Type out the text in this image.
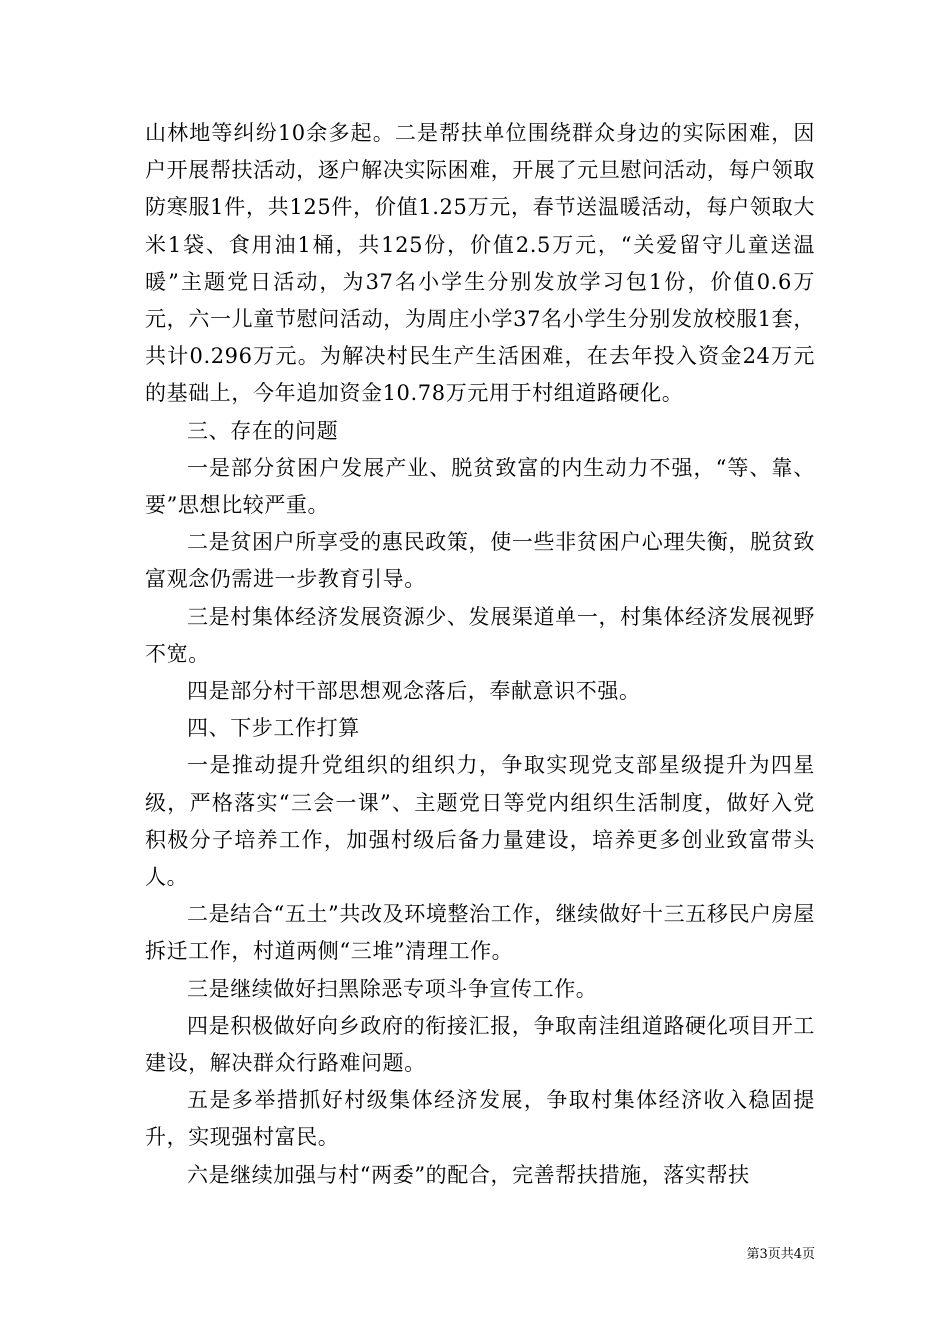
山林地等纠纷10余多起。二是帮扶单位围绕群众身边的实际困难，因户开展帮扶活动，逐户解决实际困难，开展了元旦慰问活动，每户领取防寒服1件，共125件，价值1.25万元，春节送温暖活动，每户领取大米1袋、食用油1桶，共125份，价值2.5万元，“关爱留守儿童送温暖”主题党日活动，为37名小学生分别发放学习包1份，价值0.6万元，六一儿童节慰问活动，为周庄小学37名小学生分别发放校服1套，共计0.296万元。为解决村民生产生活困难，在去年投入资金24万元的基础上，今年追加资金10.78万元用于村组道路硬化。

三、存在的问题

一是部分贫困户发展产业、脱贫致富的内生动力不强，“等、靠、要”思想比较严重。

二是贫困户所享受的惠民政策，使一些非贫困户心理失衡，脱贫致富观念仍需进一步教育引导。

三是村集体经济发展资源少、发展渠道单一，村集体经济发展视野不宽。

四是部分村干部思想观念落后，奉献意识不强。

四、下步工作打算

一是推动提升党组织的组织力，争取实现党支部星级提升为四星级，严格落实“三会一课”、主题党日等党内组织生活制度，做好入党积极分子培养工作，加强村级后备力量建设，培养更多创业致富带头人。

二是结合“五土”共改及环境整治工作，继续做好十三五移民户房屋拆迁工作，村道两侧“三堆”清理工作。

三是继续做好扫黑除恶专项斗争宣传工作。

四是积极做好向乡政府的衔接汇报，争取南洼组道路硬化项目开工建设，解决群众行路难问题。

五是多举措抓好村级集体经济发展，争取村集体经济收入稳固提升，实现强村富民。

六是继续加强与村“两委”的配合，完善帮扶措施，落实帮扶

第3页共4页
